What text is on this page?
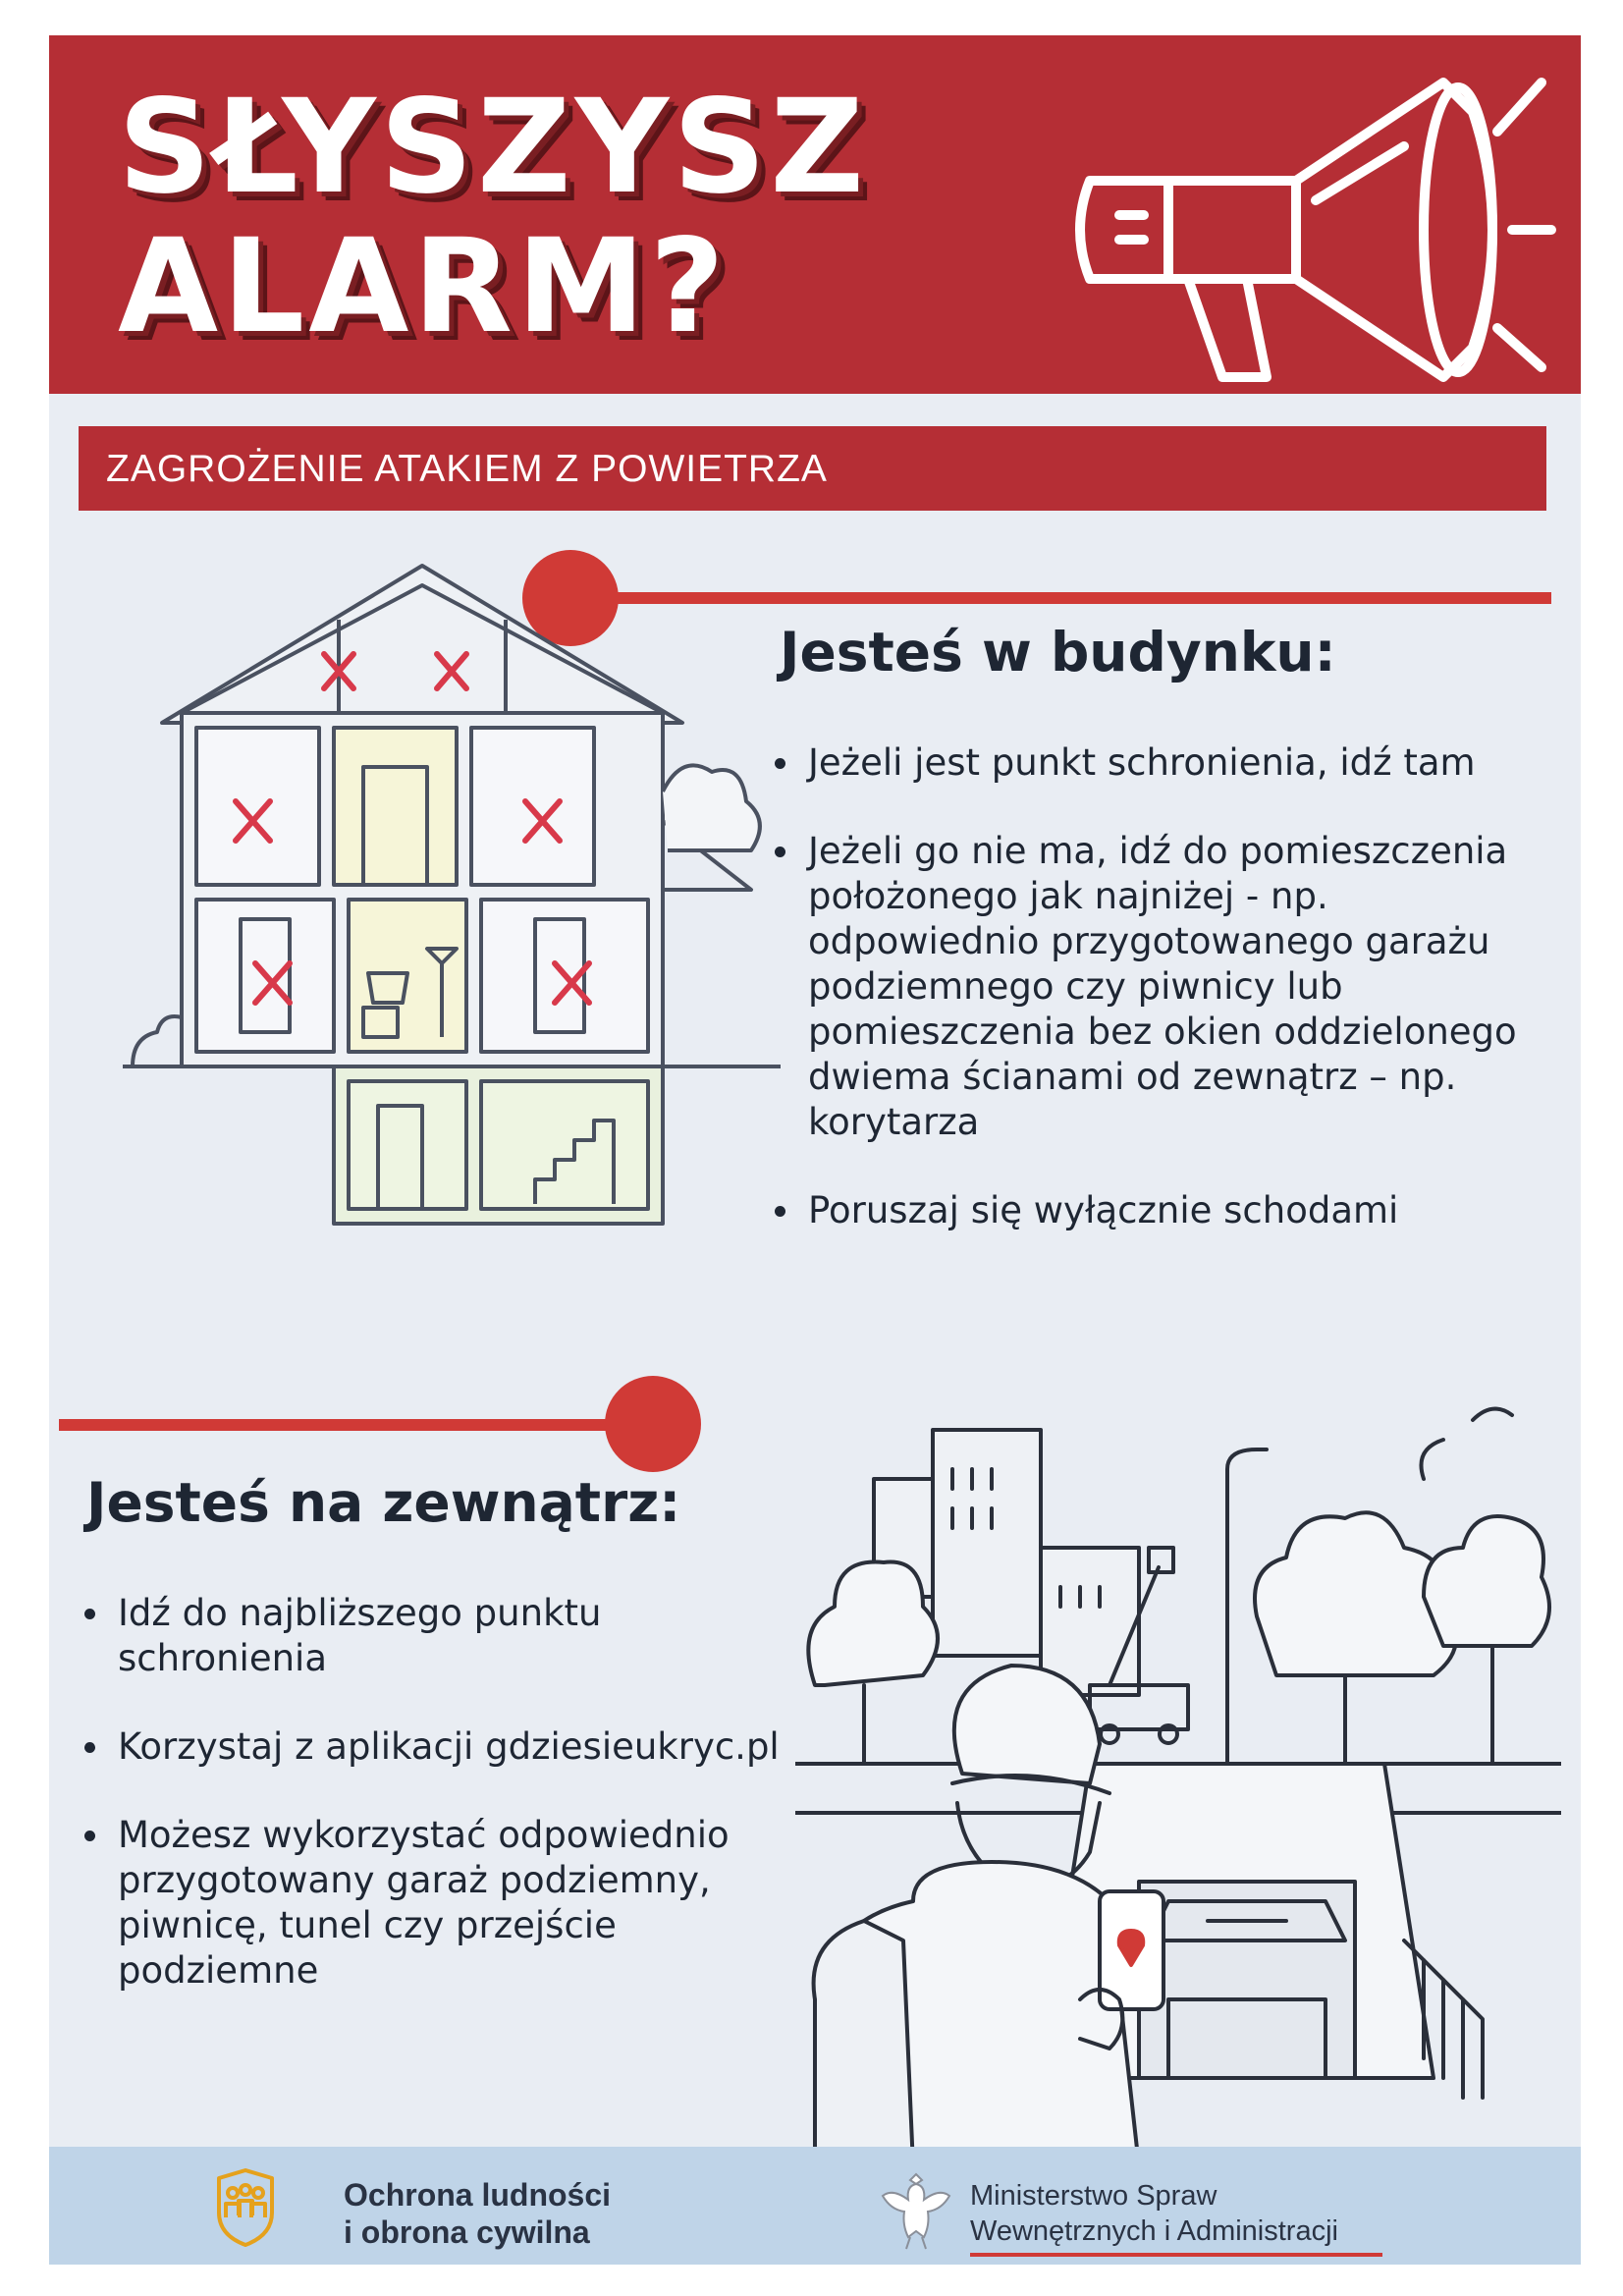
SŁYSZYSZ
ALARM?
ZAGROŻENIE ATAKIEM Z POWIETRZA
Jesteś w budynku:
Jeżeli jest punkt schronienia, idź tam
Jeżeli go nie ma, idź do pomieszczenia położonego jak najniżej - np. odpowiednio przygotowanego garażu podziemnego czy piwnicy lub pomieszczenia bez okien oddzielonego dwiema ścianami od zewnątrz – np. korytarza
Poruszaj się wyłącznie schodami
Jesteś na zewnątrz:
Idź do najbliższego punktu schronienia
Korzystaj z aplikacji gdziesieukryc.pl
Możesz wykorzystać odpowiednio przygotowany garaż podziemny, piwnicę, tunel czy przejście podziemne
Ochrona ludności
i obrona cywilna
Ministerstwo Spraw
Wewnętrznych i Administracji
